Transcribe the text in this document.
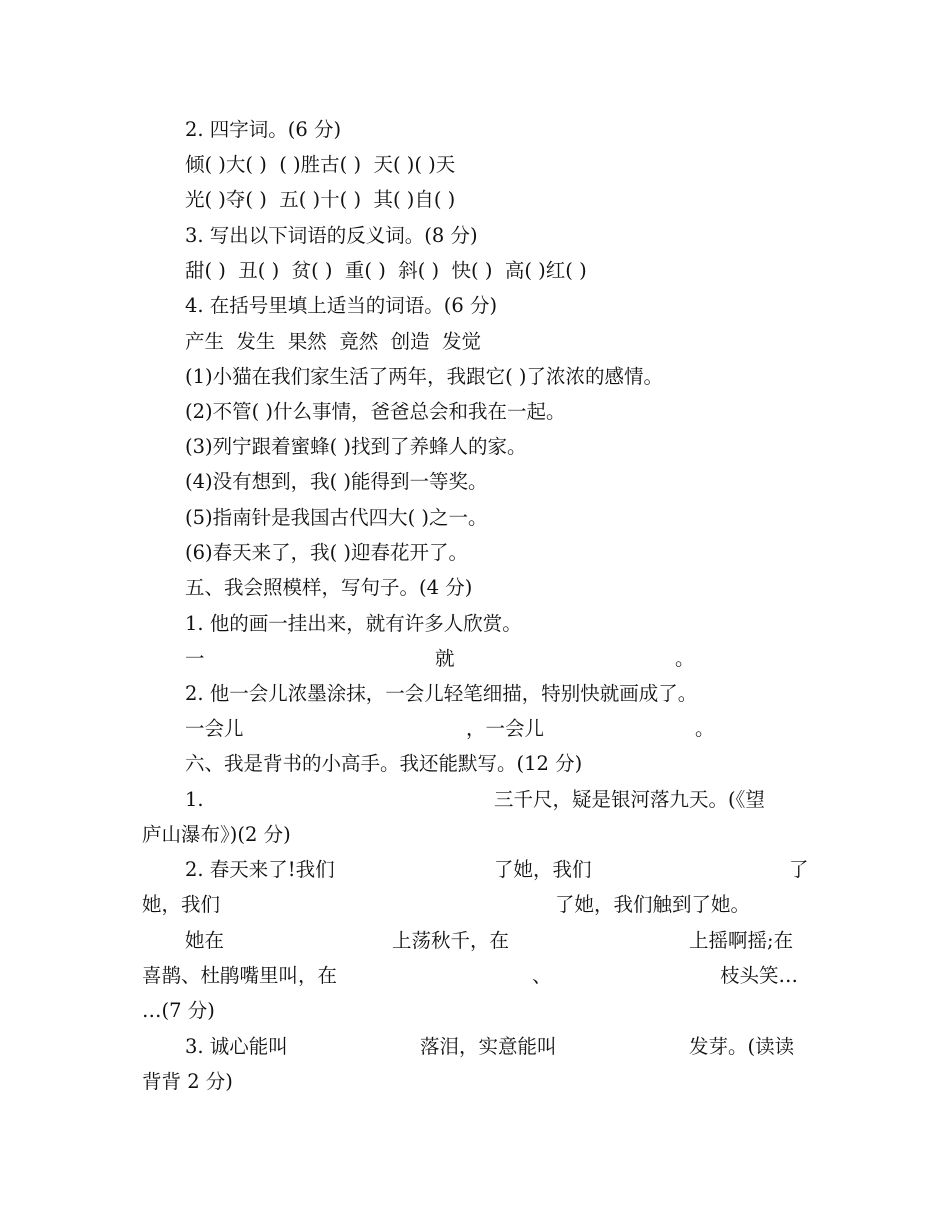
2. 四字词。(6 分)
倾( )大( )  ( )胜古( )  天( )( )天
光( )夺( )  五( )十( )  其( )自( )
3. 写出以下词语的反义词。(8 分)
甜( )  丑( )  贫( )  重( )  斜( )  快( )  高( )红( )
4. 在括号里填上适当的词语。(6 分)
产生  发生  果然  竟然  创造  发觉
(1)小猫在我们家生活了两年，我跟它( )了浓浓的感情。
(2)不管( )什么事情，爸爸总会和我在一起。
(3)列宁跟着蜜蜂( )找到了养蜂人的家。
(4)没有想到，我( )能得到一等奖。
(5)指南针是我国古代四大( )之一。
(6)春天来了，我( )迎春花开了。
五、我会照模样，写句子。(4 分)
1. 他的画一挂出来，就有许多人欣赏。
一	就	。
2. 他一会儿浓墨涂抹，一会儿轻笔细描，特别快就画成了。
一会儿	，一会儿	。
六、我是背书的小高手。我还能默写。(12 分)
1.	三千尺，疑是银河落九天。(《望
庐山瀑布》)(2 分)
2. 春天来了!我们	了她，我们	了
她，我们	了她，我们触到了她。
她在	上荡秋千，在	上摇啊摇;在
喜鹊、杜鹃嘴里叫，在	、	枝头笑…
…(7 分)
3. 诚心能叫	落泪，实意能叫	发芽。(读读
背背 2 分)
